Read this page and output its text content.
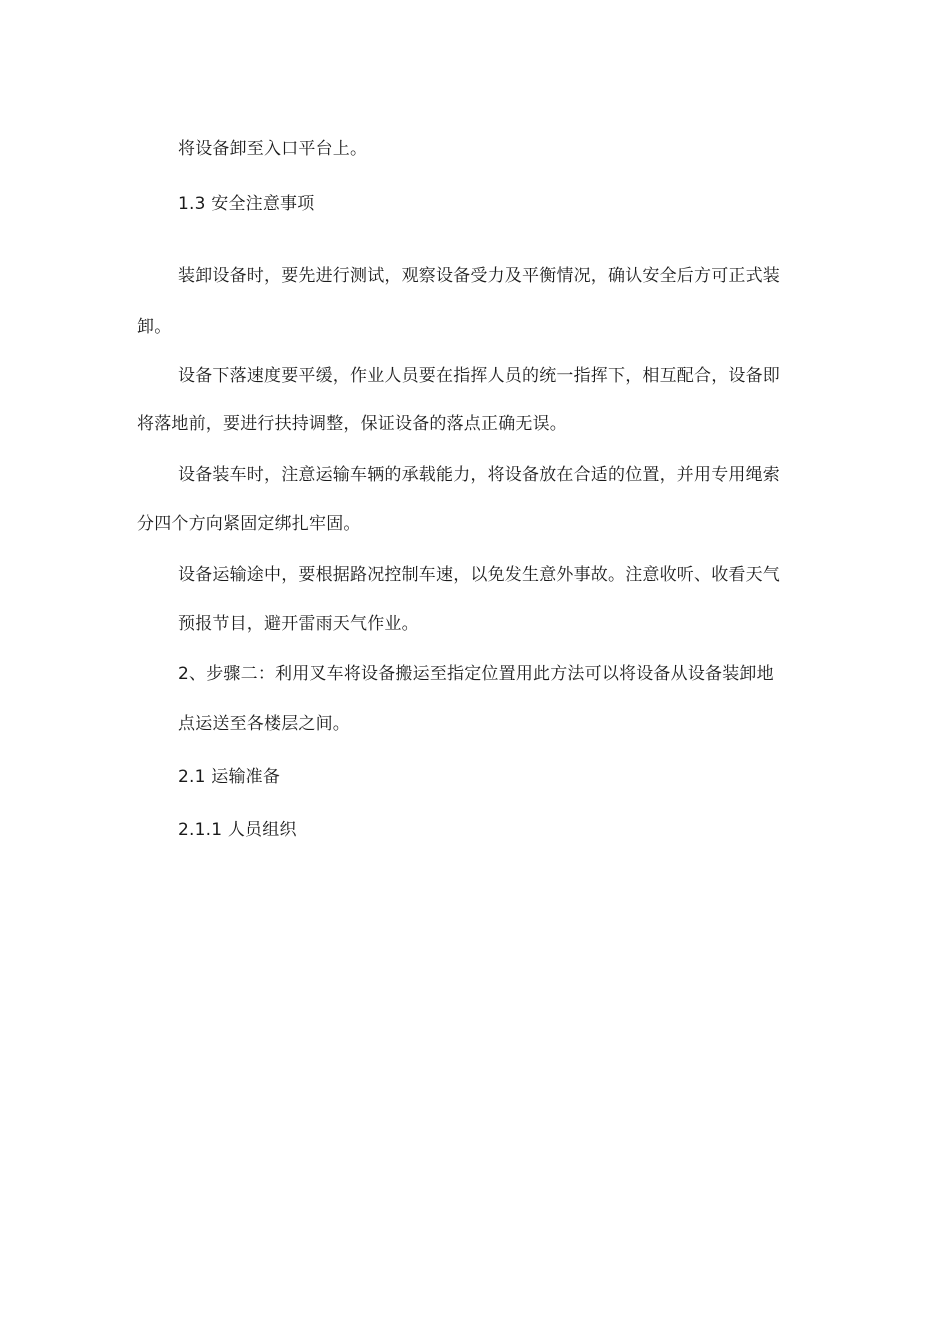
将设备卸至入口平台上。
1.3 安全注意事项
装卸设备时，要先进行测试，观察设备受力及平衡情况，确认安全后方可正式装
卸。
设备下落速度要平缓，作业人员要在指挥人员的统一指挥下，相互配合，设备即
将落地前，要进行扶持调整，保证设备的落点正确无误。
设备装车时，注意运输车辆的承载能力，将设备放在合适的位置，并用专用绳索
分四个方向紧固定绑扎牢固。
设备运输途中，要根据路况控制车速，以免发生意外事故。注意收听、收看天气
预报节目，避开雷雨天气作业。
2、步骤二：利用叉车将设备搬运至指定位置用此方法可以将设备从设备装卸地
点运送至各楼层之间。
2.1 运输准备
2.1.1 人员组织
